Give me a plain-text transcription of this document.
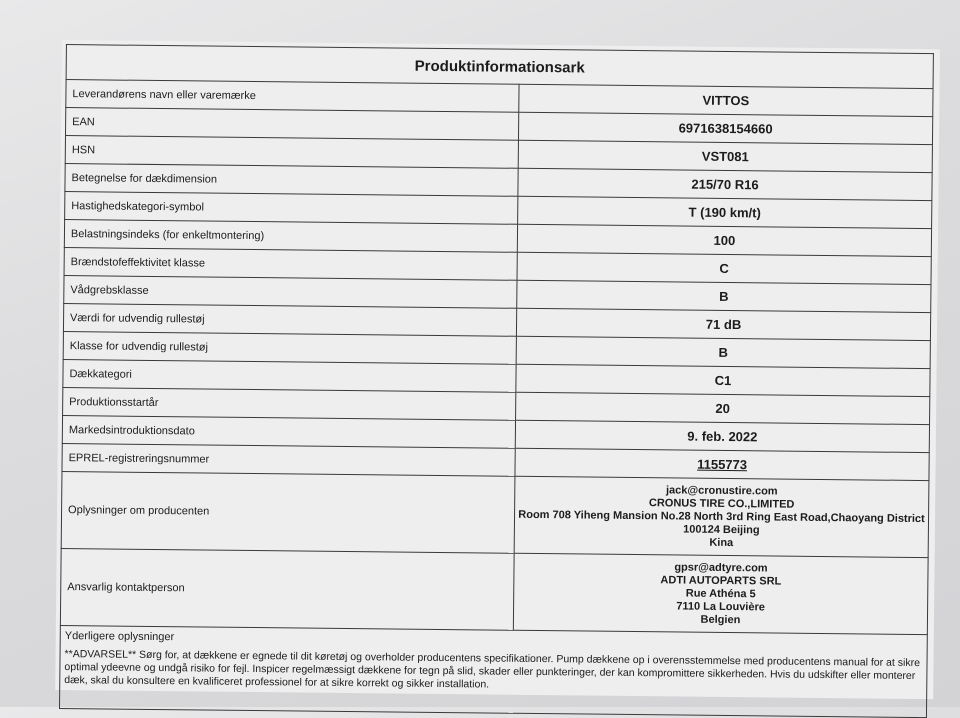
Produktinformationsark	
Leverandørens navn eller varemærke	VITTOS
EAN	6971638154660
HSN	VST081
Betegnelse for dækdimension	215/70 R16
Hastighedskategori-symbol	T (190 km/t)
Belastningsindeks (for enkeltmontering)	100
Brændstofeffektivitet klasse	C
Vådgrebsklasse	B
Værdi for udvendig rullestøj	71 dB
Klasse for udvendig rullestøj	B
Dækkategori	C1
Produktionsstartår	20
Markedsintroduktionsdato	9. feb. 2022
EPREL-registreringsnummer	1155773
Oplysninger om producenten	jack@cronustire.com
CRONUS TIRE CO.,LIMITED
Room 708 Yiheng Mansion No.28 North 3rd Ring East Road,Chaoyang District
100124 Beijing
Kina

Ansvarlig kontaktperson	gpsr@adtyre.com
ADTI AUTOPARTS SRL
Rue Athéna 5
7110 La Louvière
Belgien

Yderligere oplysninger
**ADVARSEL** Sørg for, at dækkene er egnede til dit køretøj og overholder producentens specifikationer. Pump dækkene op i overensstemmelse med producentens manual for at sikre optimal ydeevne og undgå risiko for fejl. Inspicer regelmæssigt dækkene for tegn på slid, skader eller punkteringer, der kan kompromittere sikkerheden. Hvis du udskifter eller monterer dæk, skal du konsultere en kvalificeret professionel for at sikre korrekt og sikker installation.	
